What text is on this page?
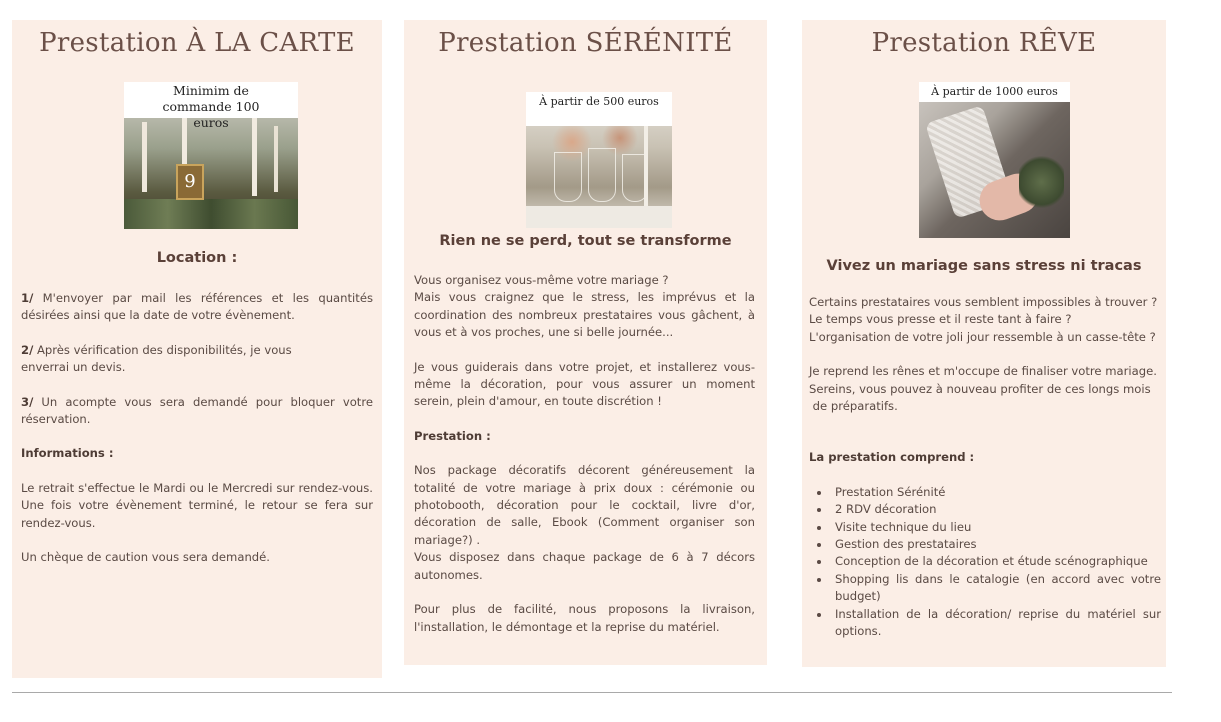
Prestation À LA CARTE
9
Minimim de commande 100 euros
Location :

1/ M'envoyer par mail les références et les quantités désirées ainsi que la date de votre évènement.

2/ Après vérification des disponibilités, je vous
enverrai un devis.

3/ Un acompte vous sera demandé pour bloquer votre réservation.

Informations :

Le retrait s'effectue le Mardi ou le Mercredi sur rendez-vous. Une fois votre évènement terminé, le retour se fera sur rendez-vous.

Un chèque de caution vous sera demandé.

Prestation SÉRÉNITÉ
À partir de 500 euros
Rien ne se perd, tout se transforme

Vous organisez vous-même votre mariage ?

Mais vous craignez que le stress, les imprévus et la coordination des nombreux prestataires vous gâchent, à vous et à vos proches, une si belle journée...

Je vous guiderais dans votre projet, et installerez vous-même la décoration, pour vous assurer un moment serein, plein d'amour, en toute discrétion !

Prestation :

Nos package décoratifs décorent généreusement la totalité de votre mariage à prix doux : cérémonie ou photobooth, décoration pour le cocktail, livre d'or, décoration de salle, Ebook (Comment organiser son mariage?) .

Vous disposez dans chaque package de 6 à 7 décors autonomes.

Pour plus de facilité, nous proposons la livraison, l'installation, le démontage et la reprise du matériel.

Prestation RÊVE
À partir de 1000 euros
Vivez un mariage sans stress ni tracas

Certains prestataires vous semblent impossibles à trouver ?

Le temps vous presse et il reste tant à faire ?

L'organisation de votre joli jour ressemble à un casse-tête ?

Je reprend les rênes et m'occupe de finaliser votre mariage.

Sereins, vous pouvez à nouveau profiter de ces longs mois

de préparatifs.

La prestation comprend :

• Prestation Sérénité
• 2 RDV décoration
• Visite technique du lieu
• Gestion des prestataires
• Conception de la décoration et étude scénographique
• Shopping lis dans le catalogie (en accord avec votre budget)
• Installation de la décoration/ reprise du matériel sur options.
